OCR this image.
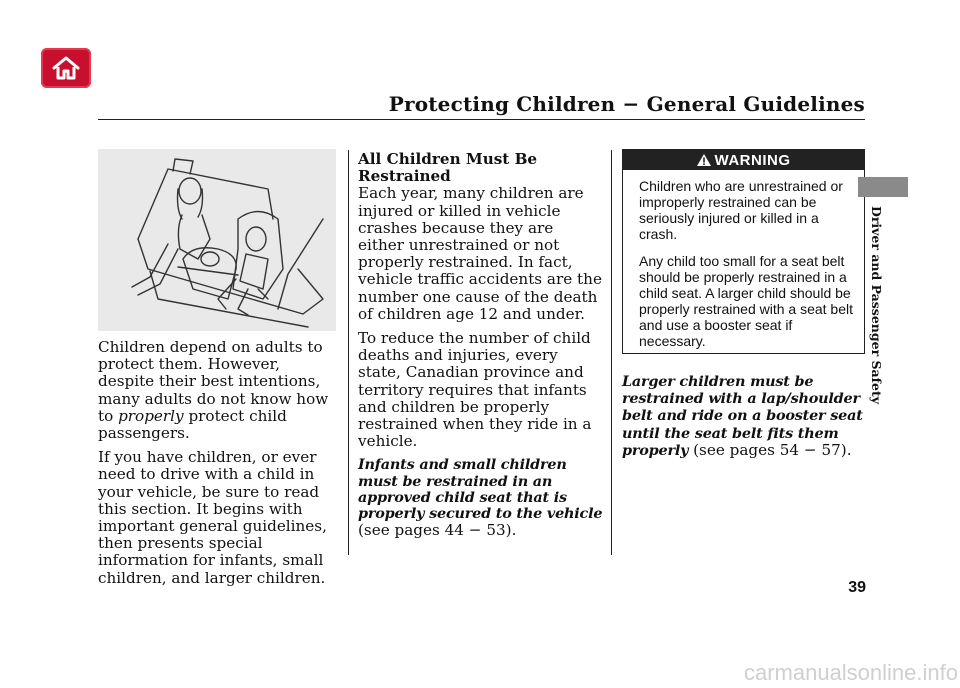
Protecting Children − General Guidelines

Children depend on adults to protect them. However, despite their best intentions, many adults do not know how to properly protect child passengers.

If you have children, or ever need to drive with a child in your vehicle, be sure to read this section. It begins with important general guidelines, then presents special information for infants, small children, and larger children.

All Children Must Be Restrained

Each year, many children are injured or killed in vehicle crashes because they are either unrestrained or not properly restrained. In fact, vehicle traffic accidents are the number one cause of the death of children age 12 and under.

To reduce the number of child deaths and injuries, every state, Canadian province and territory requires that infants and children be properly restrained when they ride in a vehicle.

Infants and small children must be restrained in an approved child seat that is properly secured to the vehicle
(see pages 44 − 53).
WARNING

Children who are unrestrained or improperly restrained can be seriously injured or killed in a crash.

Any child too small for a seat belt should be properly restrained in a child seat. A larger child should be properly restrained with a seat belt and use a booster seat if necessary.

Larger children must be restrained with a lap/shoulder belt and ride on a booster seat until the seat belt fits them properly (see pages 54 − 57).
Driver and Passenger Safety
39
carmanualsonline.info
